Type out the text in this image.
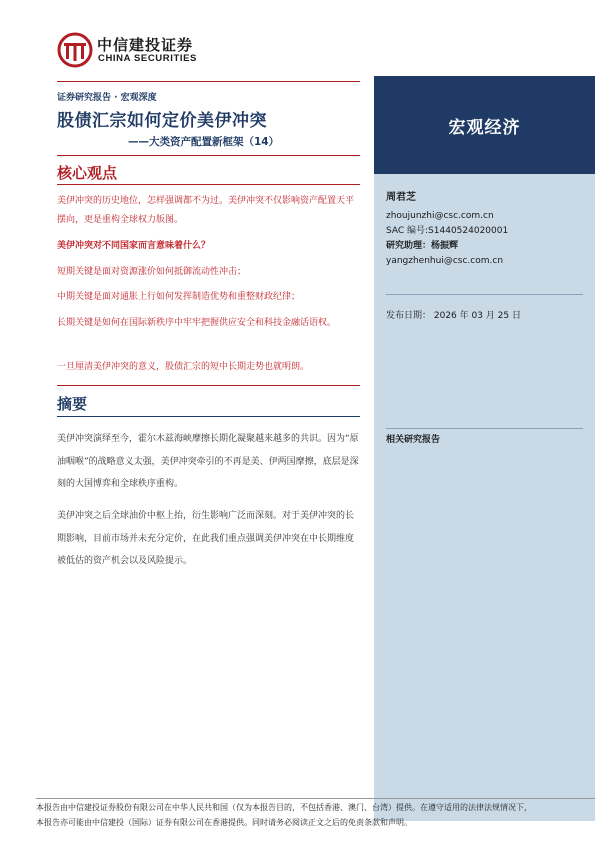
中信建投证券
CHINA SECURITIES
宏观经济
周君芝
zhoujunzhi@csc.com.cn
SAC 编号:S1440524020001
研究助理：杨振辉
yangzhenhui@csc.com.cn
发布日期： 2026 年 03 月 25 日
相关研究报告
证券研究报告 · 宏观深度
股债汇宗如何定价美伊冲突
——大类资产配置新框架（14）
核心观点
美伊冲突的历史地位，怎样强调都不为过。美伊冲突不仅影响资产配置天平摆向，更是重构全球权力版图。
美伊冲突对不同国家而言意味着什么？
短期关键是面对资源涨价如何抵御流动性冲击；
中期关键是面对通胀上行如何发挥制造优势和重整财政纪律；
长期关键是如何在国际新秩序中牢牢把握供应安全和科技金融话语权。
一旦厘清美伊冲突的意义，股债汇宗的短中长期走势也就明朗。
摘要
美伊冲突演绎至今，霍尔木兹海峡摩擦长期化凝聚越来越多的共识。因为“原油咽喉”的战略意义太强，美伊冲突牵引的不再是美、伊两国摩擦，底层是深刻的大国博弈和全球秩序重构。
美伊冲突之后全球油价中枢上抬，衍生影响广泛而深刻。对于美伊冲突的长期影响，目前市场并未充分定价，在此我们重点强调美伊冲突在中长期维度被低估的资产机会以及风险提示。
本报告由中信建投证券股份有限公司在中华人民共和国（仅为本报告目的，不包括香港、澳门、台湾）提供。在遵守适用的法律法规情况下，
本报告亦可能由中信建投（国际）证券有限公司在香港提供。同时请务必阅读正文之后的免责条款和声明。
